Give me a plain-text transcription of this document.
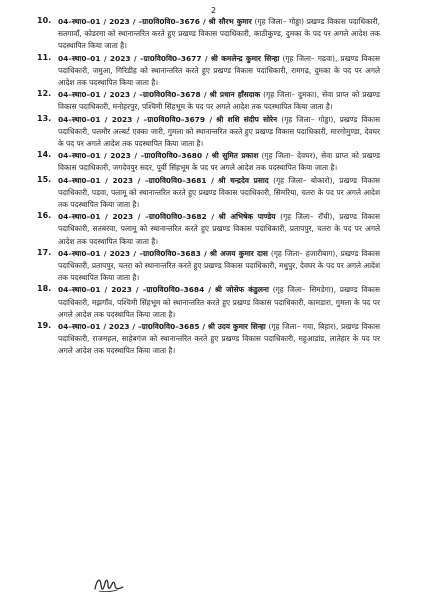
2
10. 04–स्था0–01 / 2023 / –ग्रा0वि0वि0–3676 / श्री सौरभ कुमार (गृह जिला– गोड्डा) प्रखण्ड विकास पदाधिकारी, सतगावाँ, कोडरमा को स्थानान्तरित करते हुए प्रखण्ड विकास पदाधिकारी, काठीकुण्ड, दुमका के पद पर अगले आदेश तक पदस्थापित किया जाता है।
11. 04–स्था0–01 / 2023 / –ग्रा0वि0वि0–3677 / श्री कमलेन्द्र कुमार सिन्हा (गृह जिला– गढ़वा), प्रखण्ड विकास पदाधिकारी, जमुआ, गिरिडीह को स्थानान्तरित करते हुए प्रखण्ड विकास पदाधिकारी, रामगढ़, दुमका के पद पर अगले आदेश तक पदस्थापित किया जाता है।
12. 04–स्था0–01 / 2023 / –ग्रा0वि0वि0–3678 / श्री प्रधान हाँसदाक (गृह जिला– दुमका), सेवा प्राप्त को प्रखण्ड विकास पदाधिकारी, मनोहरपुर, पश्चिमी सिंहभूम के पद पर अगले आदेश तक पदस्थापित किया जाता है।
13. 04–स्था0–01 / 2023 / –ग्रा0वि0वि0–3679 / श्री शशि संदीप सोरेन (गृह जिला– गोड्डा), प्रखण्ड विकास पदाधिकारी, पलमौर अल्बर्ट एक्का जारी, गुमला को स्थानान्तरित करते हुए प्रखण्ड विकास पदाधिकारी, मारगोमुण्डा, देवघर के पद पर अगले आदेश तक पदस्थापित किया जाता है।
14. 04–स्था0–01 / 2023 / –ग्रा0वि0वि0–3680 / श्री सुमित प्रकाश (गृह जिला– देवघर), सेवा प्राप्त को प्रखण्ड विकास पदाधिकारी, जगदेवपुर सदर, पूर्वी सिंहभूम के पद पर अगले आदेश तक पदस्थापित किया जाता है।
15. 04–स्था0–01 / 2023 / –ग्रा0वि0वि0–3681 / श्री चन्द्रदेव प्रसाद (गृह जिला– बोकारो), प्रखण्ड विकास पदाधिकारी, पड़वा, पलामू को स्थानान्तरित करते हुए प्रखण्ड विकास पदाधिकारी, सिमरिया, चतरा के पद पर अगले आदेश तक पदस्थापित किया जाता है।
16. 04–स्था0–01 / 2023 / –ग्रा0वि0वि0–3682 / श्री अभिषेक पाण्डेय (गृह जिला– राँची), प्रखण्ड विकास पदाधिकारी, सतबरवा, पलामू को स्थानान्तरित करते हुए प्रखण्ड विकास पदाधिकारी, प्रतापपुर, चतरा के पद पर अगले आदेश तक पदस्थापित किया जाता है।
17. 04–स्था0–01 / 2023 / –ग्रा0वि0वि0–3683 / श्री अजय कुमार दास (गृह जिला– हजारीबाग), प्रखण्ड विकास पदाधिकारी, प्रतापपुर, चतरा को स्थानान्तरित करते हुए प्रखण्ड विकास पदाधिकारी, मधुपुर, देवघर के पद पर अगले आदेश तक पदस्थापित किया जाता है।
18. 04–स्था0–01 / 2023 / –ग्रा0वि0वि0–3684 / श्री जोसेफ कंडुलना (गृह जिला– सिमडेगा), प्रखण्ड विकास पदाधिकारी, मझगाँव, पश्चिमी सिंहभूम को स्थानान्तरित करते हुए प्रखण्ड विकास पदाधिकारी, कामडारा, गुमला के पद पर अगले आदेश तक पदस्थापित किया जाता है।
19. 04–स्था0–01 / 2023 / –ग्रा0वि0वि0–3685 / श्री उदय कुमार सिन्हा (गृह जिला– गया, बिहार), प्रखण्ड विकास पदाधिकारी, राजमहल, साहेबगंज को स्थानान्तरित करते हुए प्रखण्ड विकास पदाधिकारी, महुआडांड, लातेहार के पद पर अगले आदेश तक पदस्थापित किया जाता है।
